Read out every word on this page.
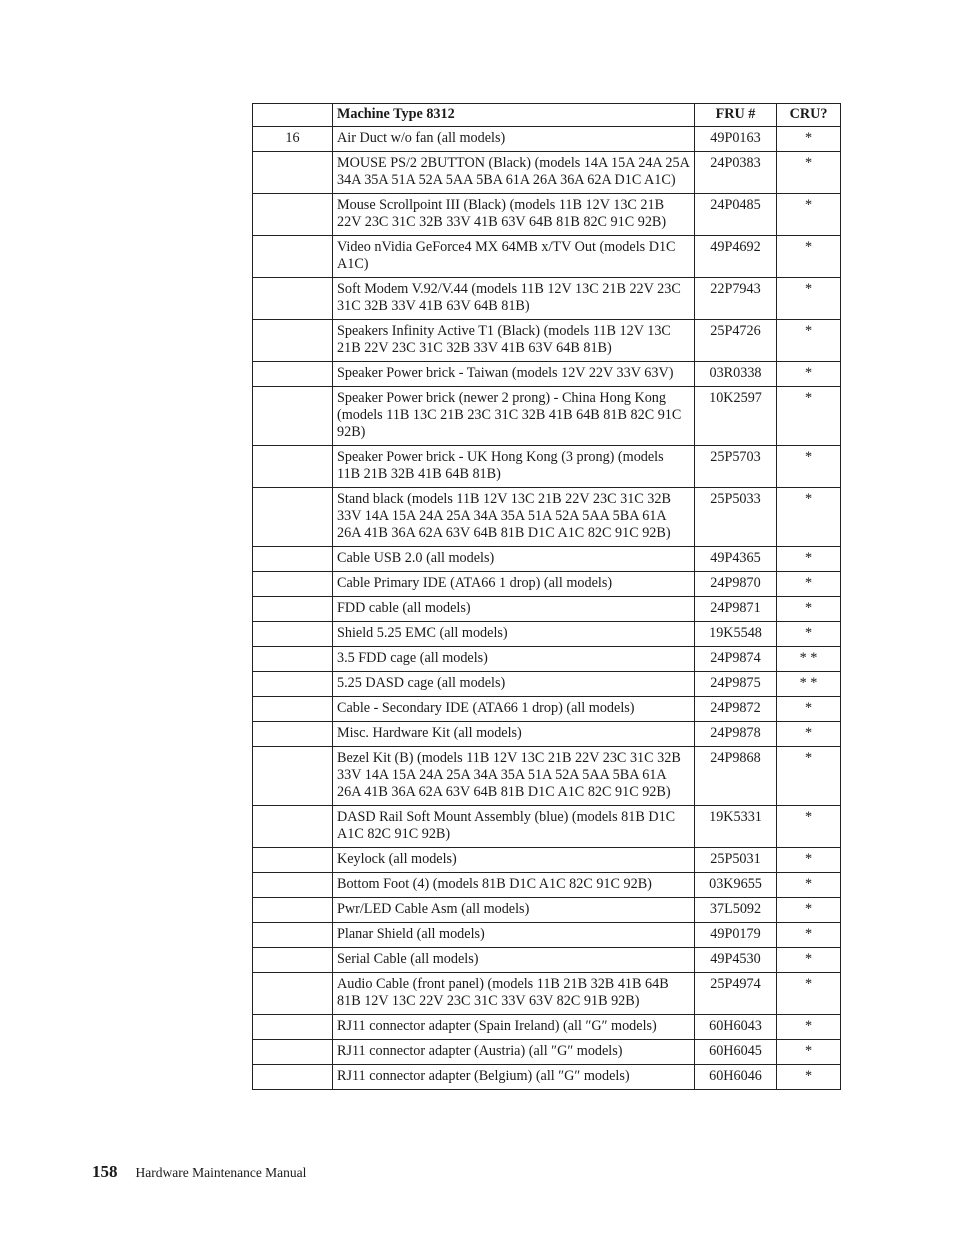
	Machine Type 8312	FRU #	CRU?
16	Air Duct w/o fan (all models)	49P0163	*
	MOUSE PS/2 2BUTTON (Black) (models 14A 15A 24A 25A 34A 35A 51A 52A 5AA 5BA 61A 26A 36A 62A D1C A1C)	24P0383	*
	Mouse Scrollpoint III (Black) (models 11B 12V 13C 21B 22V 23C 31C 32B 33V 41B 63V 64B 81B 82C 91C 92B)	24P0485	*
	Video nVidia GeForce4 MX 64MB x/TV Out (models D1C A1C)	49P4692	*
	Soft Modem V.92/V.44 (models 11B 12V 13C 21B 22V 23C 31C 32B 33V 41B 63V 64B 81B)	22P7943	*
	Speakers Infinity Active T1 (Black) (models 11B 12V 13C 21B 22V 23C 31C 32B 33V 41B 63V 64B 81B)	25P4726	*
	Speaker Power brick - Taiwan (models 12V 22V 33V 63V)	03R0338	*
	Speaker Power brick (newer 2 prong) - China Hong Kong (models 11B 13C 21B 23C 31C 32B 41B 64B 81B 82C 91C 92B)	10K2597	*
	Speaker Power brick - UK Hong Kong (3 prong) (models 11B 21B 32B 41B 64B 81B)	25P5703	*
	Stand black (models 11B 12V 13C 21B 22V 23C 31C 32B 33V 14A 15A 24A 25A 34A 35A 51A 52A 5AA 5BA 61A 26A 41B 36A 62A 63V 64B 81B D1C A1C 82C 91C 92B)	25P5033	*
	Cable USB 2.0 (all models)	49P4365	*
	Cable Primary IDE (ATA66 1 drop) (all models)	24P9870	*
	FDD cable (all models)	24P9871	*
	Shield 5.25 EMC (all models)	19K5548	*
	3.5 FDD cage (all models)	24P9874	* *
	5.25 DASD cage (all models)	24P9875	* *
	Cable - Secondary IDE (ATA66 1 drop) (all models)	24P9872	*
	Misc. Hardware Kit (all models)	24P9878	*
	Bezel Kit (B) (models 11B 12V 13C 21B 22V 23C 31C 32B 33V 14A 15A 24A 25A 34A 35A 51A 52A 5AA 5BA 61A 26A 41B 36A 62A 63V 64B 81B D1C A1C 82C 91C 92B)	24P9868	*
	DASD Rail Soft Mount Assembly (blue) (models 81B D1C A1C 82C 91C 92B)	19K5331	*
	Keylock (all models)	25P5031	*
	Bottom Foot (4) (models 81B D1C A1C 82C 91C 92B)	03K9655	*
	Pwr/LED Cable Asm (all models)	37L5092	*
	Planar Shield (all models)	49P0179	*
	Serial Cable (all models)	49P4530	*
	Audio Cable (front panel) (models 11B 21B 32B 41B 64B 81B 12V 13C 22V 23C 31C 33V 63V 82C 91B 92B)	25P4974	*
	RJ11 connector adapter (Spain Ireland) (all ″G″ models)	60H6043	*
	RJ11 connector adapter (Austria) (all ″G″ models)	60H6045	*
	RJ11 connector adapter (Belgium) (all ″G″ models)	60H6046	*
158 Hardware Maintenance Manual
